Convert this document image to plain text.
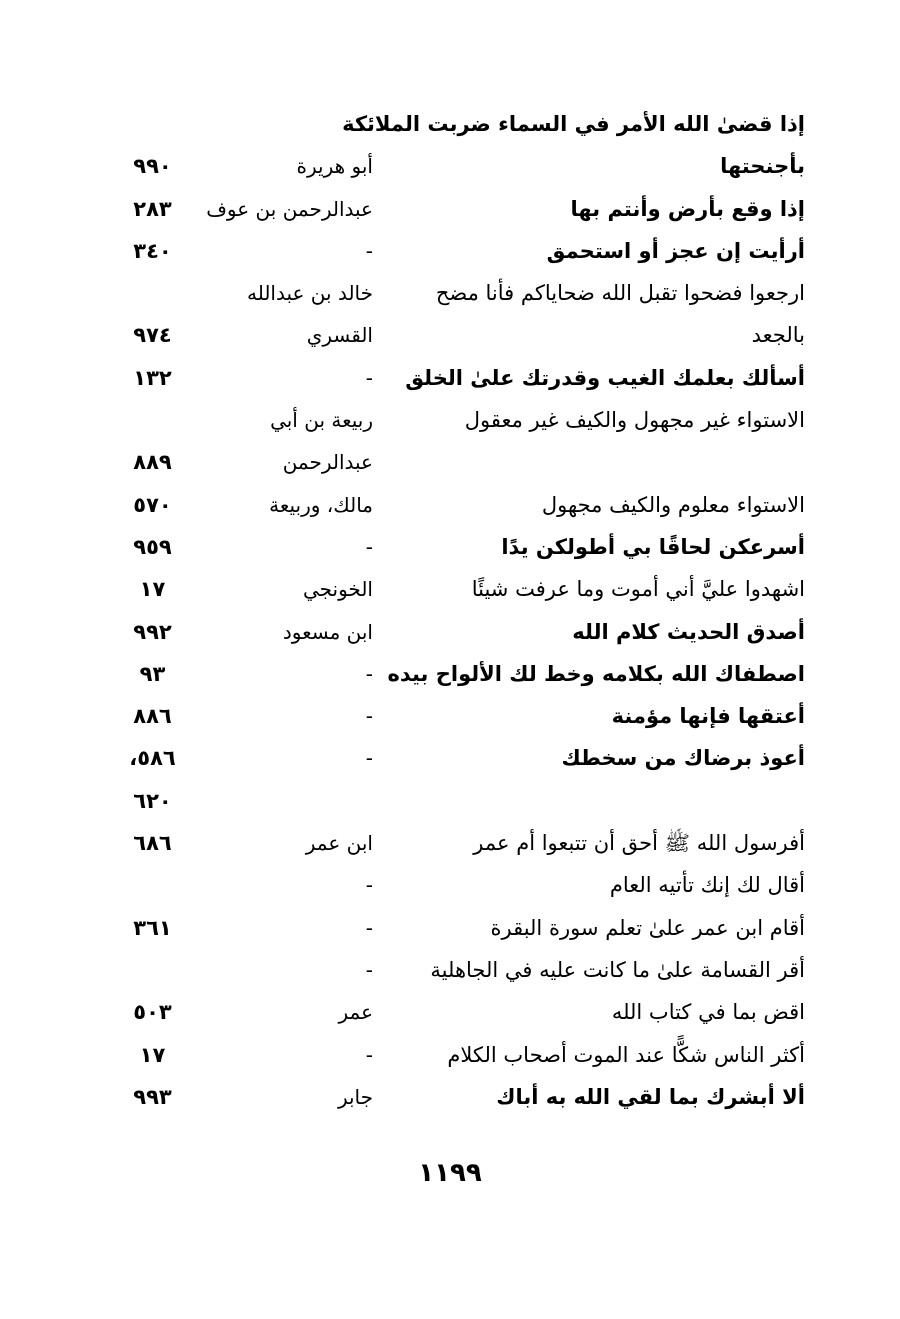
إذا قضىٰ الله الأمر في السماء ضربت الملائكة
بأجنحتها
أبو هريرة
٩٩٠
إذا وقع بأرض وأنتم بها
عبدالرحمن بن عوف
٢٨٣
أرأيت إن عجز أو استحمق
-
٣٤٠
ارجعوا فضحوا تقبل الله ضحاياكم فأنا مضح
خالد بن عبدالله
بالجعد
القسري
٩٧٤
أسألك بعلمك الغيب وقدرتك علىٰ الخلق
-
١٣٢
الاستواء غير مجهول والكيف غير معقول
ربيعة بن أبي
عبدالرحمن
٨٨٩
الاستواء معلوم والكيف مجهول
مالك، وربيعة
٥٧٠
أسرعكن لحاقًا بي أطولكن يدًا
-
٩٥٩
اشهدوا عليَّ أني أموت وما عرفت شيئًا
الخونجي
١٧
أصدق الحديث كلام الله
ابن مسعود
٩٩٢
اصطفاك الله بكلامه وخط لك الألواح بيده
-
٩٣
أعتقها فإنها مؤمنة
-
٨٨٦
أعوذ برضاك من سخطك
-
٥٨٦،
٦٢٠
أفرسول الله ﷺ أحق أن تتبعوا أم عمر
ابن عمر
٦٨٦
أقال لك إنك تأتيه العام
-
أقام ابن عمر علىٰ تعلم سورة البقرة
-
٣٦١
أقر القسامة علىٰ ما كانت عليه في الجاهلية
-
اقض بما في كتاب الله
عمر
٥٠٣
أكثر الناس شكًّا عند الموت أصحاب الكلام
-
١٧
ألا أبشرك بما لقي الله به أباك
جابر
٩٩٣
١١٩٩
